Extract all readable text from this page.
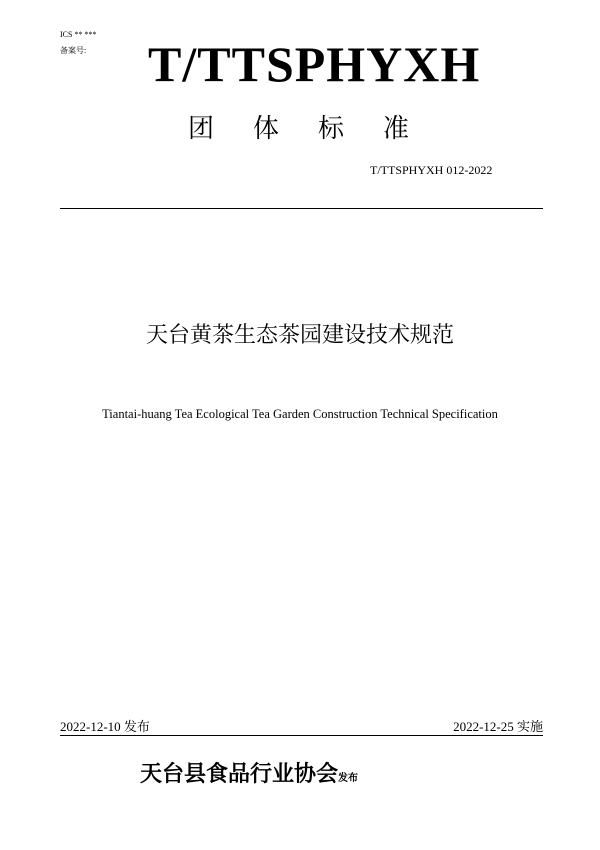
ICS ** ***
备案号: T/TTSPHYXH
团体标准
T/TTSPHYXH 012-2022
天台黄茶生态茶园建设技术规范
Tiantai-huang Tea Ecological Tea Garden Construction Technical Specification
2022-12-10 发布	2022-12-25 实施
天台县食品行业协会发布
